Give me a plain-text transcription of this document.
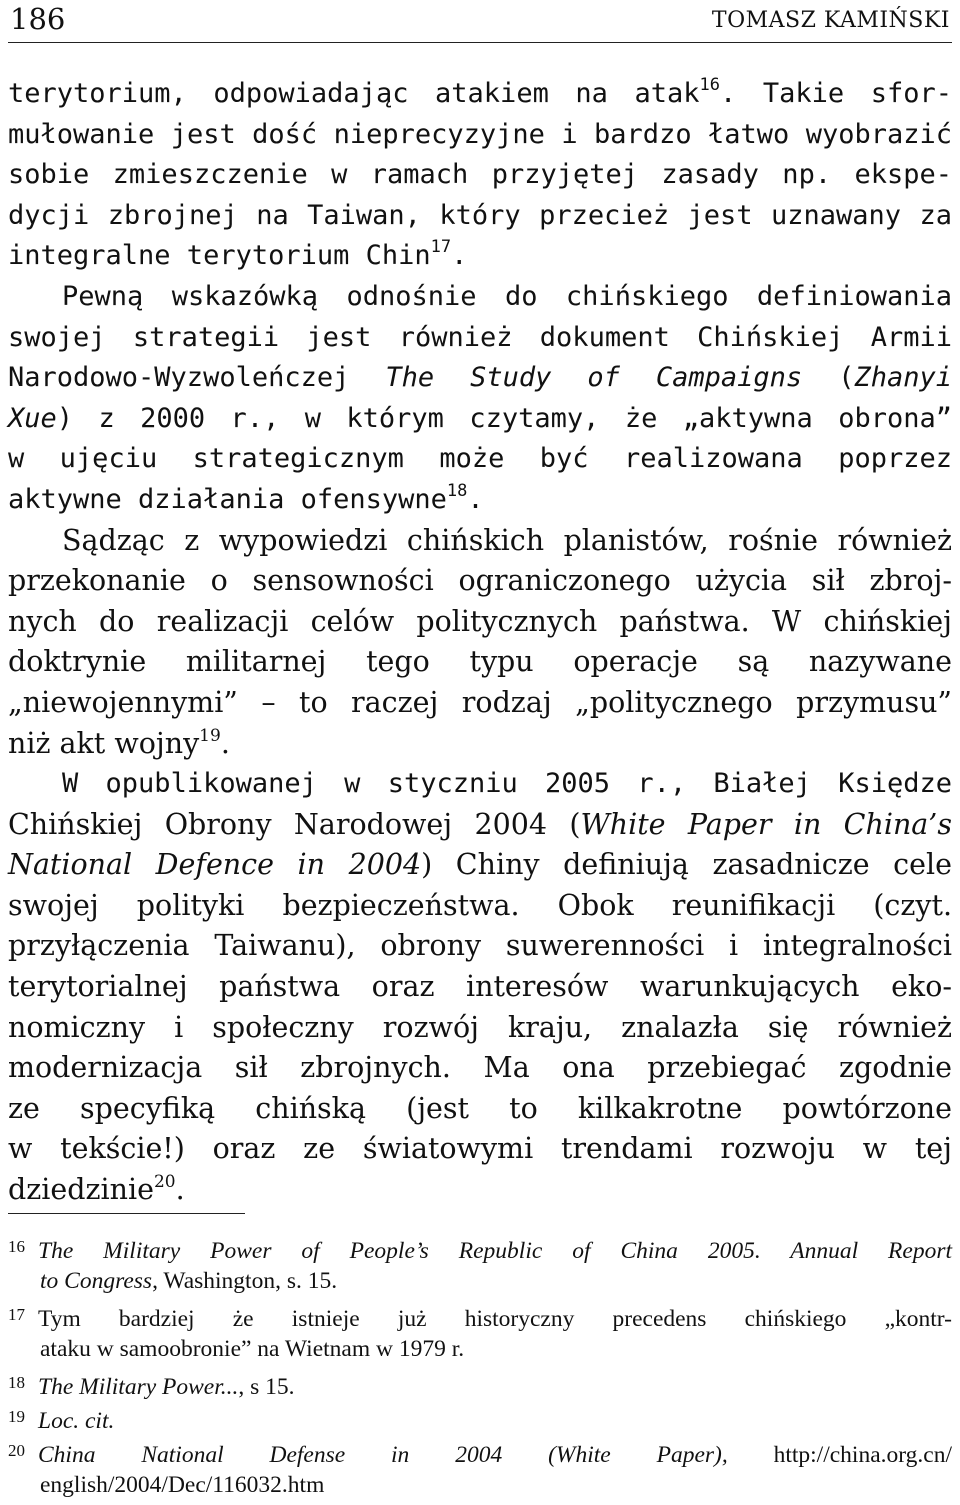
186	TOMASZ KAMIŃSKI
terytorium, odpowiadając atakiem na atak$^{16}$. Takie sfor-
mułowanie jest dość nieprecyzyjne i bardzo łatwo wyobrazić
sobie zmieszczenie w ramach przyjętej zasady np. ekspe-
dycji zbrojnej na Taiwan, który przecież jest uznawany za
integralne terytorium Chin$^{17}$.
Pewną wskazówką odnośnie do chińskiego definiowania
swojej strategii jest również dokument Chińskiej Armii
Narodowo-Wyzwoleńczej The Study of Campaigns (Zhanyi
Xue) z 2000 r., w którym czytamy, że „aktywna obrona”
w ujęciu strategicznym może być realizowana poprzez
aktywne działania ofensywne$^{18}$.
Sądząc z wypowiedzi chińskich planistów, rośnie również
przekonanie o sensowności ograniczonego użycia sił zbroj-
nych do realizacji celów politycznych państwa. W chińskiej
doktrynie militarnej tego typu operacje są nazywane
„niewojennymi” – to raczej rodzaj „politycznego przymusu”
niż akt wojny$^{19}$.
W opublikowanej w styczniu 2005 r., Białej Księdze
Chińskiej Obrony Narodowej 2004 (White Paper in China’s
National Defence in 2004) Chiny definiują zasadnicze cele
swojej polityki bezpieczeństwa. Obok reunifikacji (czyt.
przyłączenia Taiwanu), obrony suwerenności i integralności
terytorialnej państwa oraz interesów warunkujących eko-
nomiczny i społeczny rozwój kraju, znalazła się również
modernizacja sił zbrojnych. Ma ona przebiegać zgodnie
ze specyfiką chińską (jest to kilkakrotne powtórzone
w tekście!) oraz ze światowymi trendami rozwoju w tej
dziedzinie$^{20}$.
16 The Military Power of People’s Republic of China 2005. Annual Report
to Congress, Washington, s. 15.
17 Tym bardziej że istnieje już historyczny precedens chińskiego „kontr-
ataku w samoobronie” na Wietnam w 1979 r.
18 The Military Power..., s 15.
19 Loc. cit.
20 China National Defense in 2004 (White Paper), http://china.org.cn/
english/2004/Dec/116032.htm
